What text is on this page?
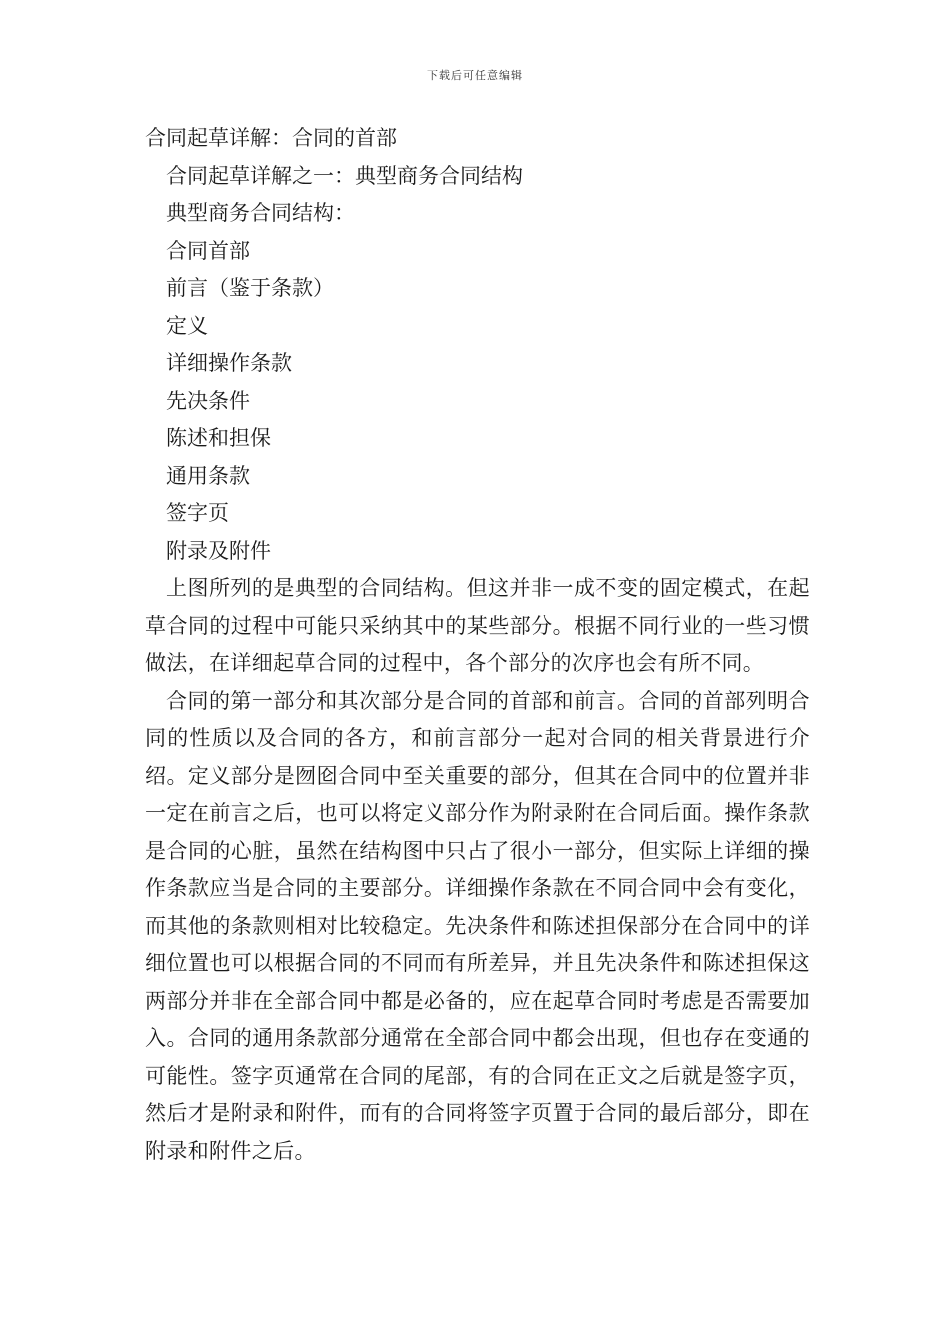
下载后可任意编辑
合同起草详解：合同的首部
合同起草详解之一：典型商务合同结构
典型商务合同结构：
合同首部
前言（鉴于条款）
定义
详细操作条款
先决条件
陈述和担保
通用条款
签字页
附录及附件

上图所列的是典型的合同结构。但这并非一成不变的固定模式，在起草合同的过程中可能只采纳其中的某些部分。根据不同行业的一些习惯做法，在详细起草合同的过程中，各个部分的次序也会有所不同。

合同的第一部分和其次部分是合同的首部和前言。合同的首部列明合同的性质以及合同的各方，和前言部分一起对合同的相关背景进行介绍。定义部分是囫囵合同中至关重要的部分，但其在合同中的位置并非一定在前言之后，也可以将定义部分作为附录附在合同后面。操作条款是合同的心脏，虽然在结构图中只占了很小一部分，但实际上详细的操作条款应当是合同的主要部分。详细操作条款在不同合同中会有变化，而其他的条款则相对比较稳定。先决条件和陈述担保部分在合同中的详细位置也可以根据合同的不同而有所差异，并且先决条件和陈述担保这两部分并非在全部合同中都是必备的，应在起草合同时考虑是否需要加入。合同的通用条款部分通常在全部合同中都会出现，但也存在变通的可能性。签字页通常在合同的尾部，有的合同在正文之后就是签字页，然后才是附录和附件，而有的合同将签字页置于合同的最后部分，即在附录和附件之后。
